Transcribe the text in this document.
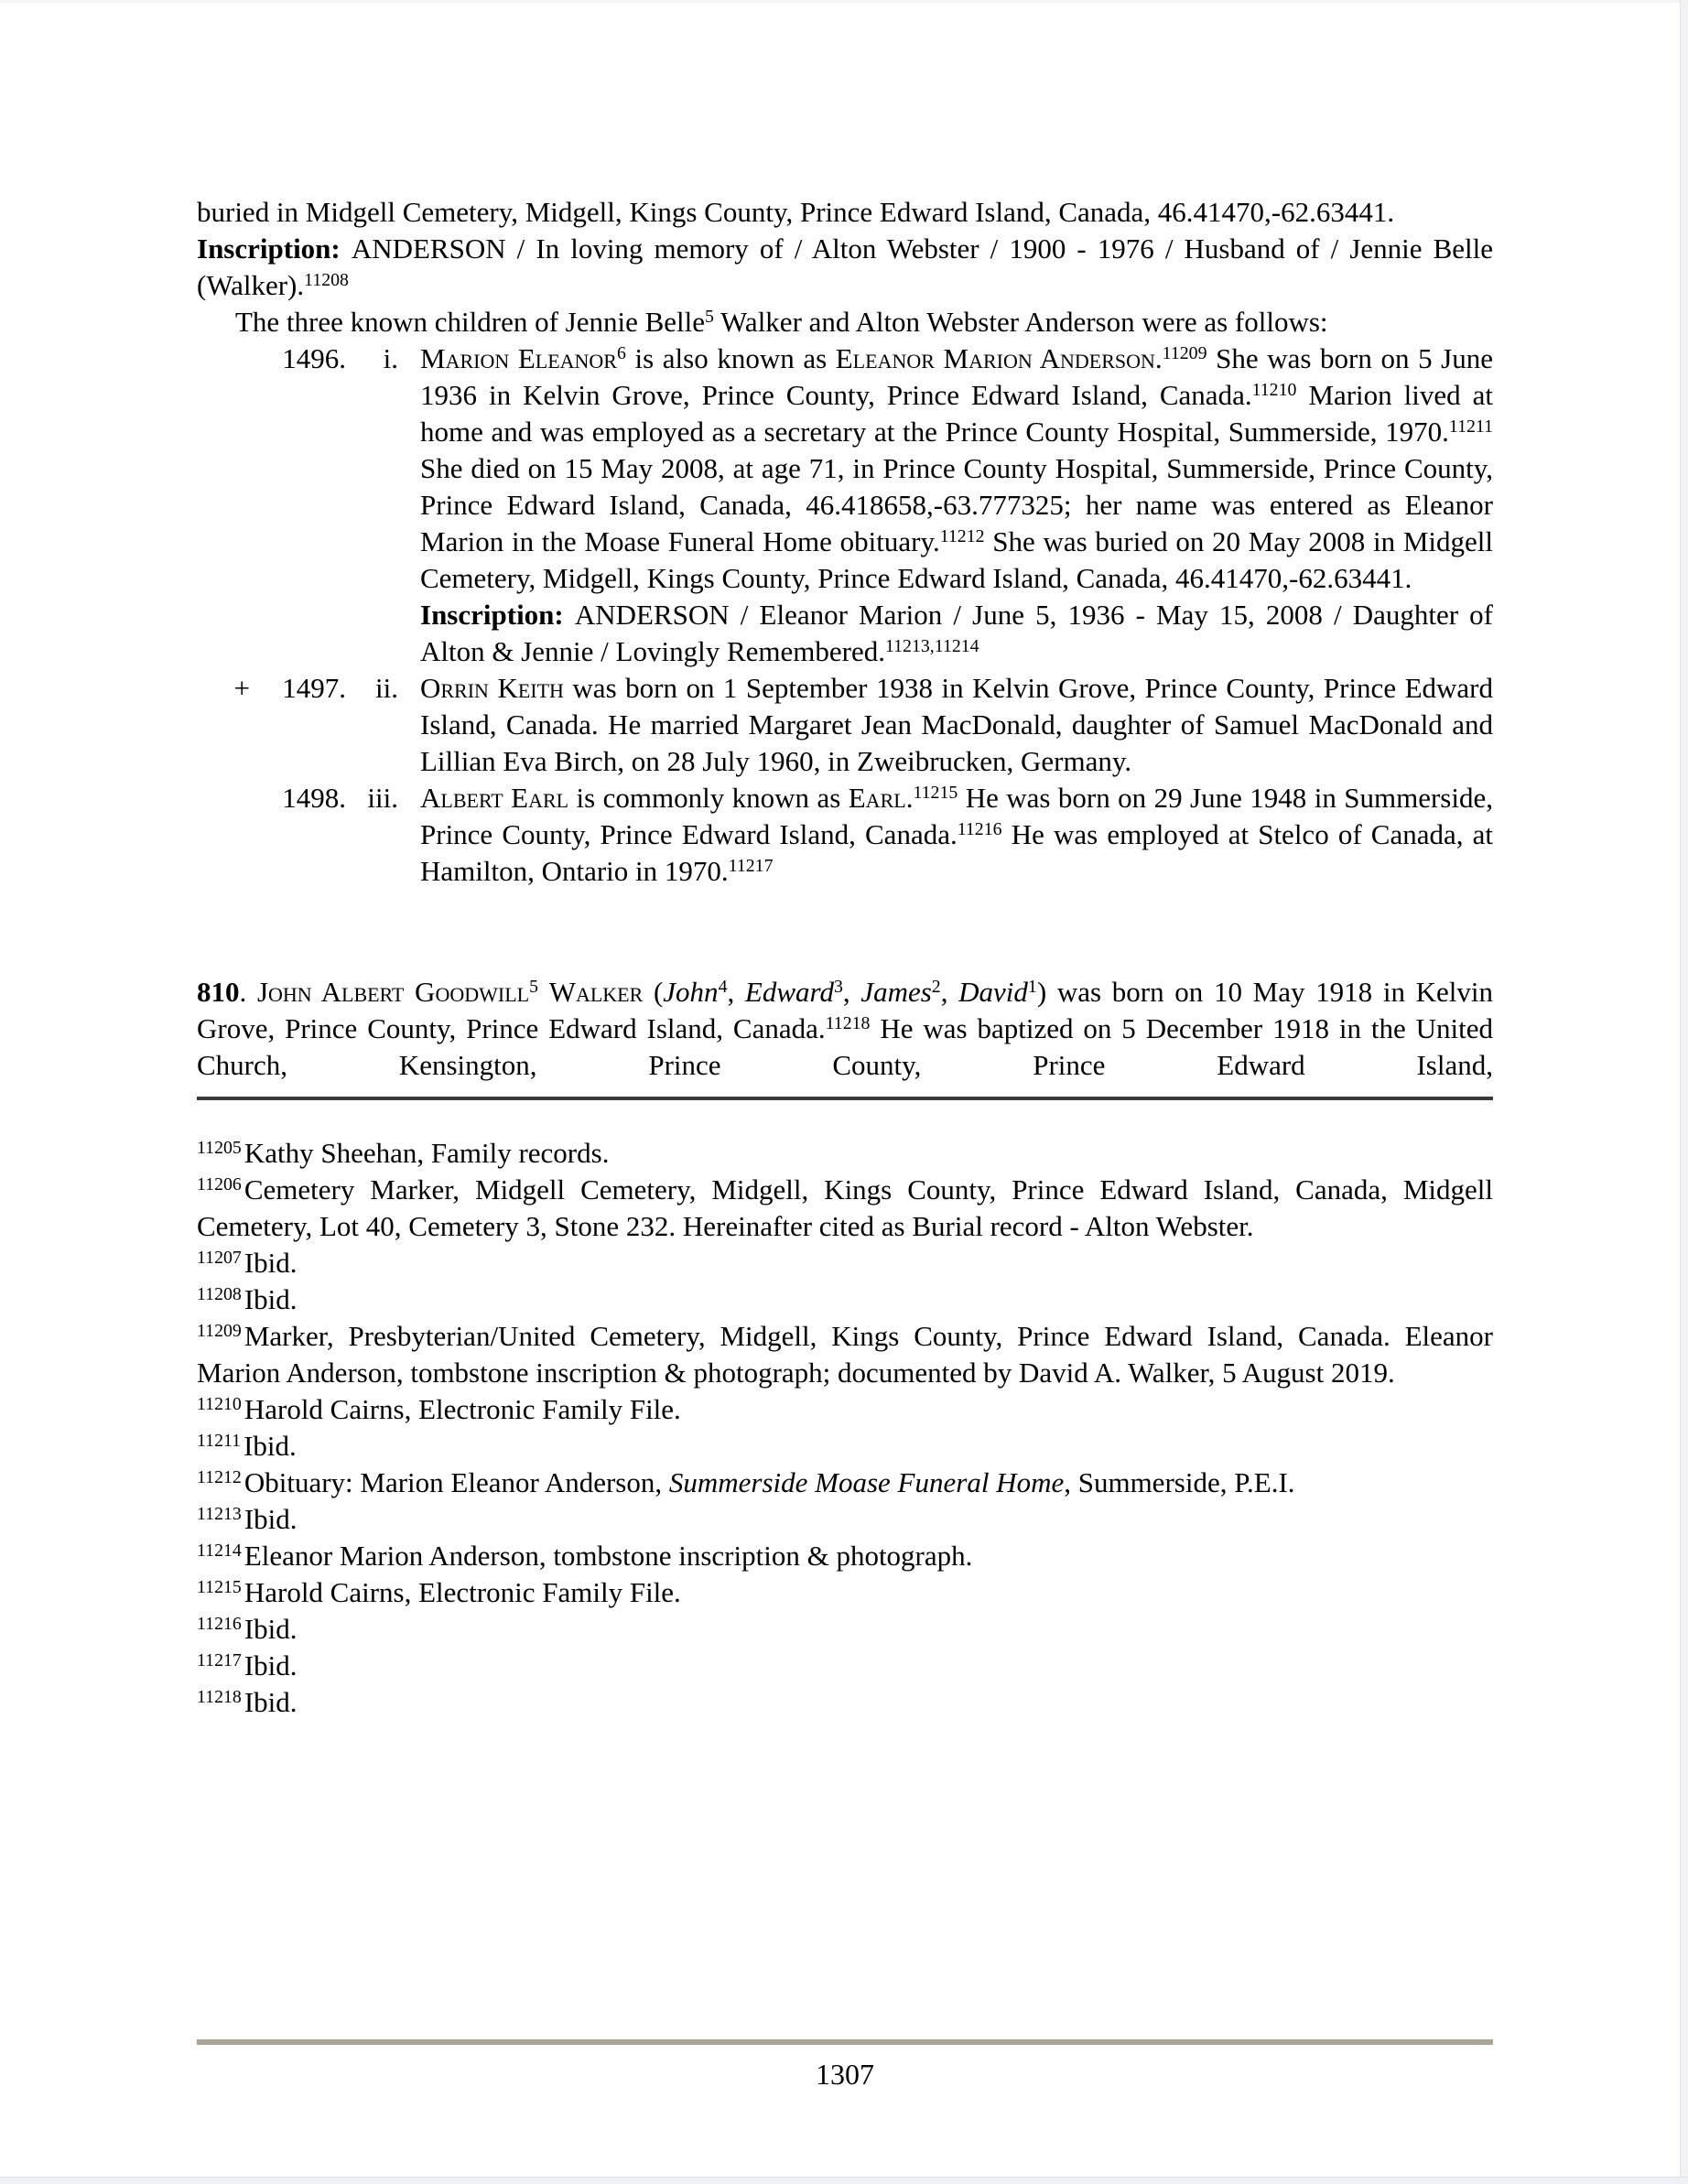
buried in Midgell Cemetery, Midgell, Kings County, Prince Edward Island, Canada, 46.41470,-62.63441.

Inscription: ANDERSON / In loving memory of / Alton Webster / 1900 - 1976 / Husband of / Jennie Belle (Walker).$^{11208}$

The three known children of Jennie Belle$^5$ Walker and Alton Webster Anderson were as follows:

1496.	i. Marion Eleanor$^6$ is also known as Eleanor Marion Anderson.$^{11209}$ She was born on 5 June 1936 in Kelvin Grove, Prince County, Prince Edward Island, Canada.$^{11210}$ Marion lived at home and was employed as a secretary at the Prince County Hospital, Summerside, 1970.$^{11211}$ She died on 15 May 2008, at age 71, in Prince County Hospital, Summerside, Prince County, Prince Edward Island, Canada, 46.418658,-63.777325; her name was entered as Eleanor Marion in the Moase Funeral Home obituary.$^{11212}$ She was buried on 20 May 2008 in Midgell Cemetery, Midgell, Kings County, Prince Edward Island, Canada, 46.41470,-62.63441.

Inscription: ANDERSON / Eleanor Marion / June 5, 1936 - May 15, 2008 / Daughter of Alton & Jennie / Lovingly Remembered.$^{11213,11214}$

+	1497.	ii. Orrin Keith was born on 1 September 1938 in Kelvin Grove, Prince County, Prince Edward Island, Canada. He married Margaret Jean MacDonald, daughter of Samuel MacDonald and Lillian Eva Birch, on 28 July 1960, in Zweibrucken, Germany.

1498. iii. Albert Earl is commonly known as Earl.$^{11215}$ He was born on 29 June 1948 in Summerside, Prince County, Prince Edward Island, Canada.$^{11216}$ He was employed at Stelco of Canada, at Hamilton, Ontario in 1970.$^{11217}$

810. John Albert Goodwill$^5$ Walker (John$^4$, Edward$^3$, James$^2$, David$^1$) was born on 10 May 1918 in Kelvin Grove, Prince County, Prince Edward Island, Canada.$^{11218}$ He was baptized on 5 December 1918 in the United Church, Kensington, Prince County, Prince Edward Island,

$^{11205}$Kathy Sheehan, Family records.

$^{11206}$Cemetery Marker, Midgell Cemetery, Midgell, Kings County, Prince Edward Island, Canada, Midgell Cemetery, Lot 40, Cemetery 3, Stone 232. Hereinafter cited as Burial record - Alton Webster.

$^{11207}$Ibid.

$^{11208}$Ibid.

$^{11209}$Marker, Presbyterian/United Cemetery, Midgell, Kings County, Prince Edward Island, Canada. Eleanor Marion Anderson, tombstone inscription & photograph; documented by David A. Walker, 5 August 2019.

$^{11210}$Harold Cairns, Electronic Family File.

$^{11211}$Ibid.

$^{11212}$Obituary: Marion Eleanor Anderson, Summerside Moase Funeral Home, Summerside, P.E.I.

$^{11213}$Ibid.

$^{11214}$Eleanor Marion Anderson, tombstone inscription & photograph.

$^{11215}$Harold Cairns, Electronic Family File.

$^{11216}$Ibid.

$^{11217}$Ibid.

$^{11218}$Ibid.

1307
